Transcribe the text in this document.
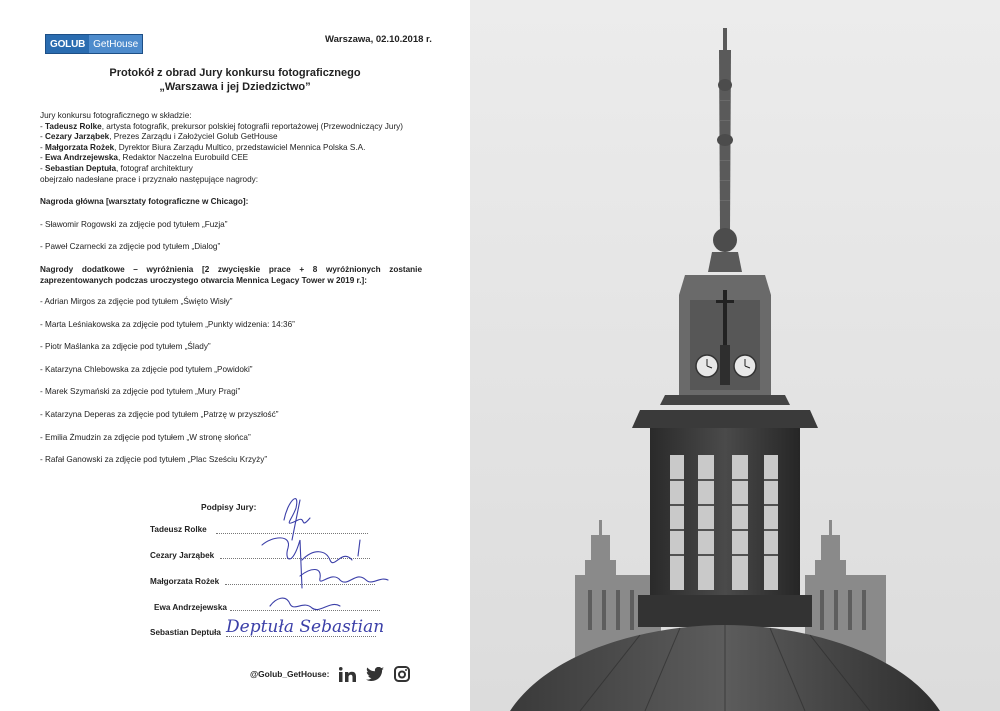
GOLUB GetHouse	Warszawa, 02.10.2018 r.
Protokół z obrad Jury konkursu fotograficznego
„Warszawa i jej Dziedzictwo”
Jury konkursu fotograficznego w składzie:
- Tadeusz Rolke, artysta fotografik, prekursor polskiej fotografii reportażowej (Przewodniczący Jury)
- Cezary Jarząbek, Prezes Zarządu i Założyciel Golub GetHouse
- Małgorzata Rożek, Dyrektor Biura Zarządu Multico, przedstawiciel Mennica Polska S.A.
- Ewa Andrzejewska, Redaktor Naczelna Eurobuild CEE
- Sebastian Deptuła, fotograf architektury
obejrzało nadesłane prace i przyznało następujące nagrody:
Nagroda główna [warsztaty fotograficzne w Chicago]:
- Sławomir Rogowski za zdjęcie pod tytułem „Fuzja”
- Paweł Czarnecki za zdjęcie pod tytułem „Dialog”
Nagrody dodatkowe – wyróżnienia [2 zwycięskie prace + 8 wyróżnionych zostanie zaprezentowanych podczas uroczystego otwarcia Mennica Legacy Tower w 2019 r.]:
- Adrian Mirgos za zdjęcie pod tytułem „Święto Wisły”
- Marta Leśniakowska za zdjęcie pod tytułem „Punkty widzenia: 14:36”
- Piotr Maślanka za zdjęcie pod tytułem „Ślady”
- Katarzyna Chlebowska za zdjęcie pod tytułem „Powidoki”
- Marek Szymański za zdjęcie pod tytułem „Mury Pragi”
- Katarzyna Deperas za zdjęcie pod tytułem „Patrzę w przyszłość”
- Emilia Żmudzin za zdjęcie pod tytułem „W stronę słońca”
- Rafał Ganowski za zdjęcie pod tytułem „Plac Sześciu Krzyży”
Podpisy Jury:
Tadeusz Rolke
Cezary Jarząbek
Małgorzata Rożek
Ewa Andrzejewska
Sebastian Deptuła Deptuła Sebastian
@Golub_GetHouse:
